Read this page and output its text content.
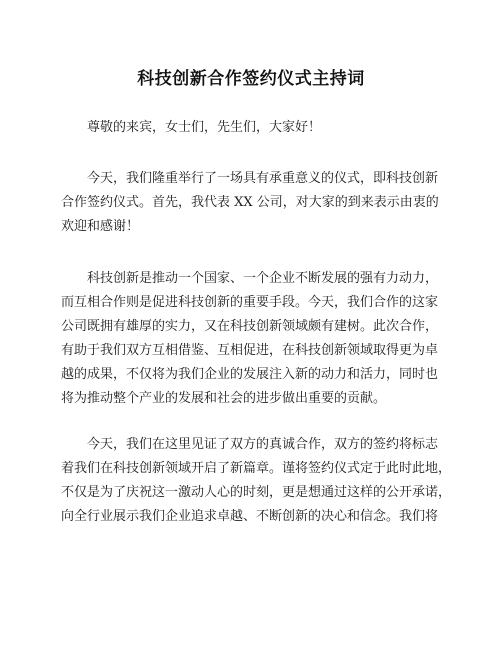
科技创新合作签约仪式主持词

尊敬的来宾，女士们，先生们，大家好！

今天，我们隆重举行了一场具有承重意义的仪式，即科技创新
合作签约仪式。首先，我代表 XX 公司，对大家的到来表示由衷的
欢迎和感谢！

科技创新是推动一个国家、一个企业不断发展的强有力动力，
而互相合作则是促进科技创新的重要手段。今天，我们合作的这家
公司既拥有雄厚的实力，又在科技创新领域颇有建树。此次合作，
有助于我们双方互相借鉴、互相促进，在科技创新领域取得更为卓
越的成果，不仅将为我们企业的发展注入新的动力和活力，同时也
将为推动整个产业的发展和社会的进步做出重要的贡献。

今天，我们在这里见证了双方的真诚合作，双方的签约将标志
着我们在科技创新领域开启了新篇章。谨将签约仪式定于此时此地，
不仅是为了庆祝这一激动人心的时刻，更是想通过这样的公开承诺，
向全行业展示我们企业追求卓越、不断创新的决心和信念。我们将
